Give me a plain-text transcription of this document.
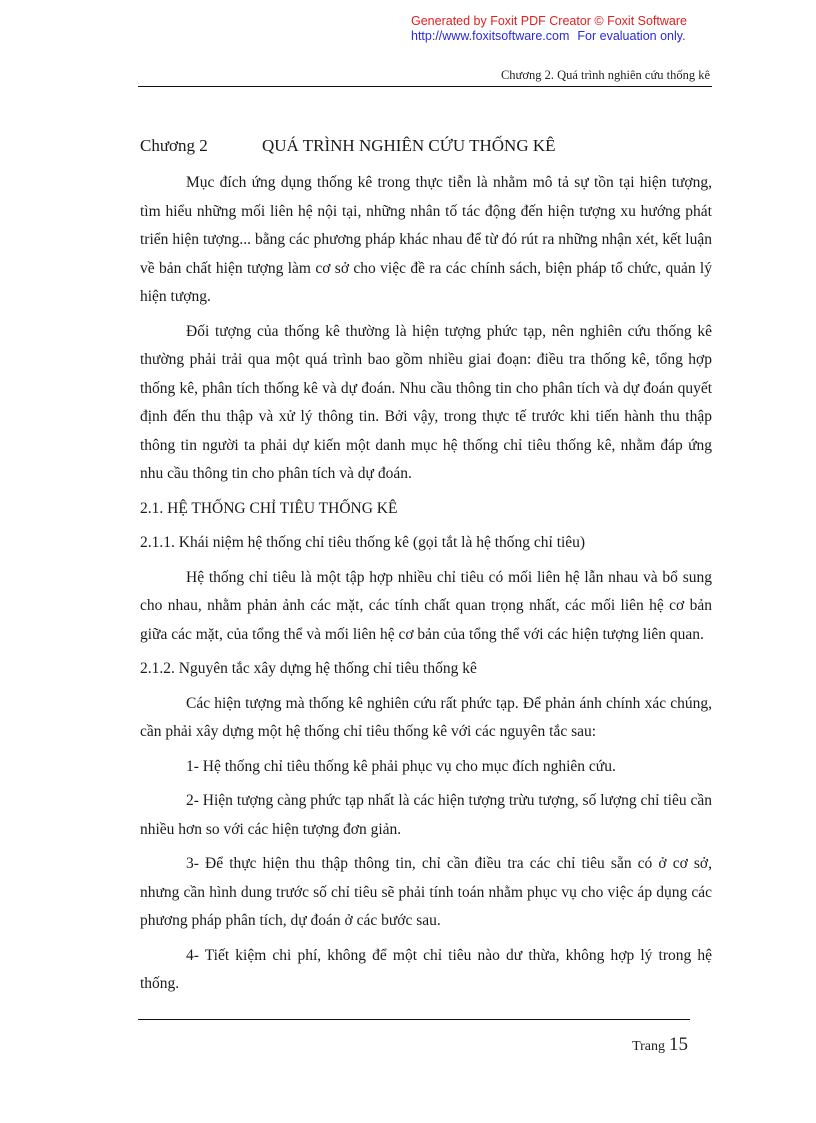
Generated by Foxit PDF Creator © Foxit Software
http://www.foxitsoftware.com For evaluation only.
Chương 2. Quá trình nghiên cứu thống kê
Chương 2	QUÁ TRÌNH NGHIÊN CỨU THỐNG KÊ

Mục đích ứng dụng thống kê trong thực tiễn là nhằm mô tả sự tồn tại hiện tượng, tìm hiểu những mối liên hệ nội tại, những nhân tố tác động đến hiện tượng xu hướng phát triển hiện tượng... bằng các phương pháp khác nhau để từ đó rút ra những nhận xét, kết luận về bản chất hiện tượng làm cơ sở cho việc đề ra các chính sách, biện pháp tổ chức, quản lý hiện tượng.

Đối tượng của thống kê thường là hiện tượng phức tạp, nên nghiên cứu thống kê thường phải trải qua một quá trình bao gồm nhiều giai đoạn: điều tra thống kê, tổng hợp thống kê, phân tích thống kê và dự đoán. Nhu cầu thông tin cho phân tích và dự đoán quyết định đến thu thập và xử lý thông tin. Bởi vậy, trong thực tế trước khi tiến hành thu thập thông tin người ta phải dự kiến một danh mục hệ thống chỉ tiêu thống kê, nhằm đáp ứng nhu cầu thông tin cho phân tích và dự đoán.

2.1. HỆ THỐNG CHỈ TIÊU THỐNG KÊ

2.1.1. Khái niệm hệ thống chỉ tiêu thống kê (gọi tắt là hệ thống chỉ tiêu)

Hệ thống chỉ tiêu là một tập hợp nhiều chỉ tiêu có mối liên hệ lẫn nhau và bổ sung cho nhau, nhằm phản ảnh các mặt, các tính chất quan trọng nhất, các mối liên hệ cơ bản giữa các mặt, của tổng thể và mối liên hệ cơ bản của tổng thể với các hiện tượng liên quan.

2.1.2. Nguyên tắc xây dựng hệ thống chỉ tiêu thống kê

Các hiện tượng mà thống kê nghiên cứu rất phức tạp. Để phản ánh chính xác chúng, cần phải xây dựng một hệ thống chỉ tiêu thống kê với các nguyên tắc sau:

1- Hệ thống chỉ tiêu thống kê phải phục vụ cho mục đích nghiên cứu.

2- Hiện tượng càng phức tạp nhất là các hiện tượng trừu tượng, số lượng chỉ tiêu cần nhiều hơn so với các hiện tượng đơn giản.

3- Để thực hiện thu thập thông tin, chỉ cần điều tra các chỉ tiêu sẵn có ở cơ sở, nhưng cần hình dung trước số chỉ tiêu sẽ phải tính toán nhằm phục vụ cho việc áp dụng các phương pháp phân tích, dự đoán ở các bước sau.

4- Tiết kiệm chi phí, không để một chỉ tiêu nào dư thừa, không hợp lý trong hệ thống.

Trang 15
